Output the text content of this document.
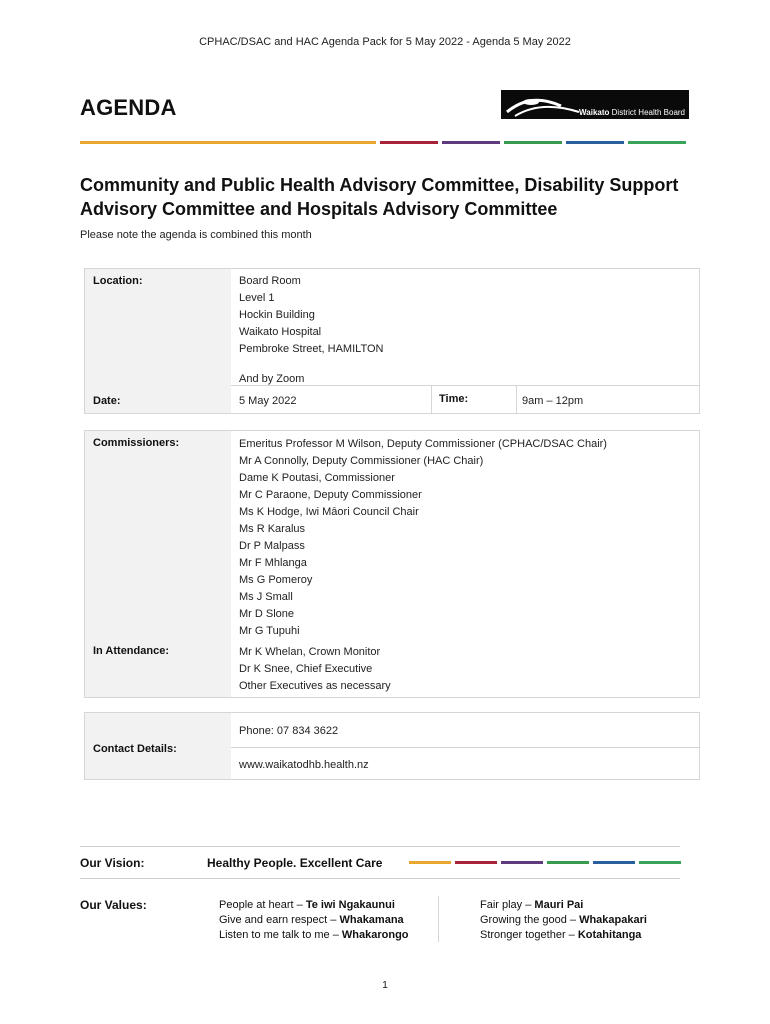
CPHAC/DSAC and HAC Agenda Pack for 5 May 2022 - Agenda 5 May 2022
AGENDA	Waikato District Health Board
Community and Public Health Advisory Committee, Disability Support Advisory Committee and Hospitals Advisory Committee
Please note the agenda is combined this month
Location:	Board Room
Level 1
Hockin Building
Waikato Hospital
Pembroke Street, HAMILTON
And by Zoom
Date:	5 May 2022	Time:	9am – 12pm
Commissioners:	Emeritus Professor M Wilson, Deputy Commissioner (CPHAC/DSAC Chair)
Mr A Connolly, Deputy Commissioner (HAC Chair)
Dame K Poutasi, Commissioner
Mr C Paraone, Deputy Commissioner
Ms K Hodge, Iwi Māori Council Chair
Ms R Karalus
Dr P Malpass
Mr F Mhlanga
Ms G Pomeroy
Ms J Small
Mr D Slone
Mr G Tupuhi
In Attendance:	Mr K Whelan, Crown Monitor
Dr K Snee, Chief Executive
Other Executives as necessary
Contact Details:
Phone: 07 834 3622
www.waikatodhb.health.nz
Our Vision:	Healthy People. Excellent Care
Our Values:	People at heart – Te iwi Ngakaunui
Give and earn respect – Whakamana
Listen to me talk to me – Whakarongo
Fair play – Mauri Pai
Growing the good – Whakapakari
Stronger together – Kotahitanga
1
